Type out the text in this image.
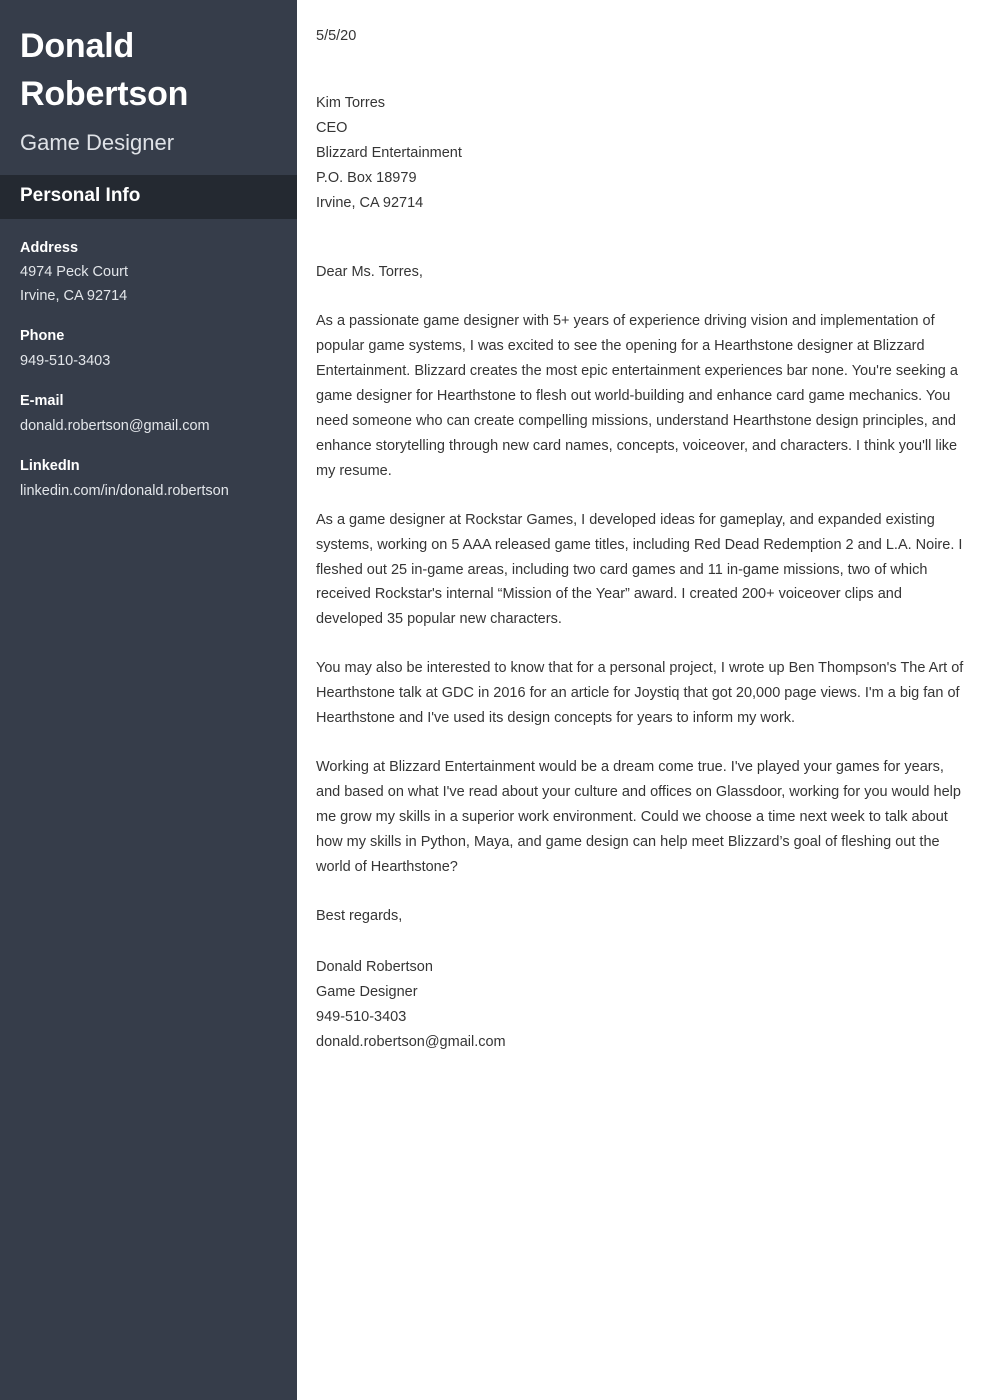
Donald Robertson
Game Designer
Personal Info
Address
4974 Peck Court
Irvine, CA 92714
Phone
949-510-3403
E-mail
donald.robertson@gmail.com
LinkedIn
linkedin.com/in/donald.robertson
5/5/20
Kim Torres
CEO
Blizzard Entertainment
P.O. Box 18979
Irvine, CA 92714

Dear Ms. Torres,

As a passionate game designer with 5+ years of experience driving vision and implementation of popular game systems, I was excited to see the opening for a Hearthstone designer at Blizzard Entertainment. Blizzard creates the most epic entertainment experiences bar none. You're seeking a game designer for Hearthstone to flesh out world-building and enhance card game mechanics. You need someone who can create compelling missions, understand Hearthstone design principles, and enhance storytelling through new card names, concepts, voiceover, and characters. I think you'll like my resume.

As a game designer at Rockstar Games, I developed ideas for gameplay, and expanded existing systems, working on 5 AAA released game titles, including Red Dead Redemption 2 and L.A. Noire. I fleshed out 25 in-game areas, including two card games and 11 in-game missions, two of which received Rockstar's internal “Mission of the Year” award. I created 200+ voiceover clips and developed 35 popular new characters.

You may also be interested to know that for a personal project, I wrote up Ben Thompson's The Art of Hearthstone talk at GDC in 2016 for an article for Joystiq that got 20,000 page views. I'm a big fan of Hearthstone and I've used its design concepts for years to inform my work.

Working at Blizzard Entertainment would be a dream come true. I've played your games for years, and based on what I've read about your culture and offices on Glassdoor, working for you would help me grow my skills in a superior work environment. Could we choose a time next week to talk about how my skills in Python, Maya, and game design can help meet Blizzard’s goal of fleshing out the world of Hearthstone?

Best regards,

Donald Robertson
Game Designer
949-510-3403
donald.robertson@gmail.com
